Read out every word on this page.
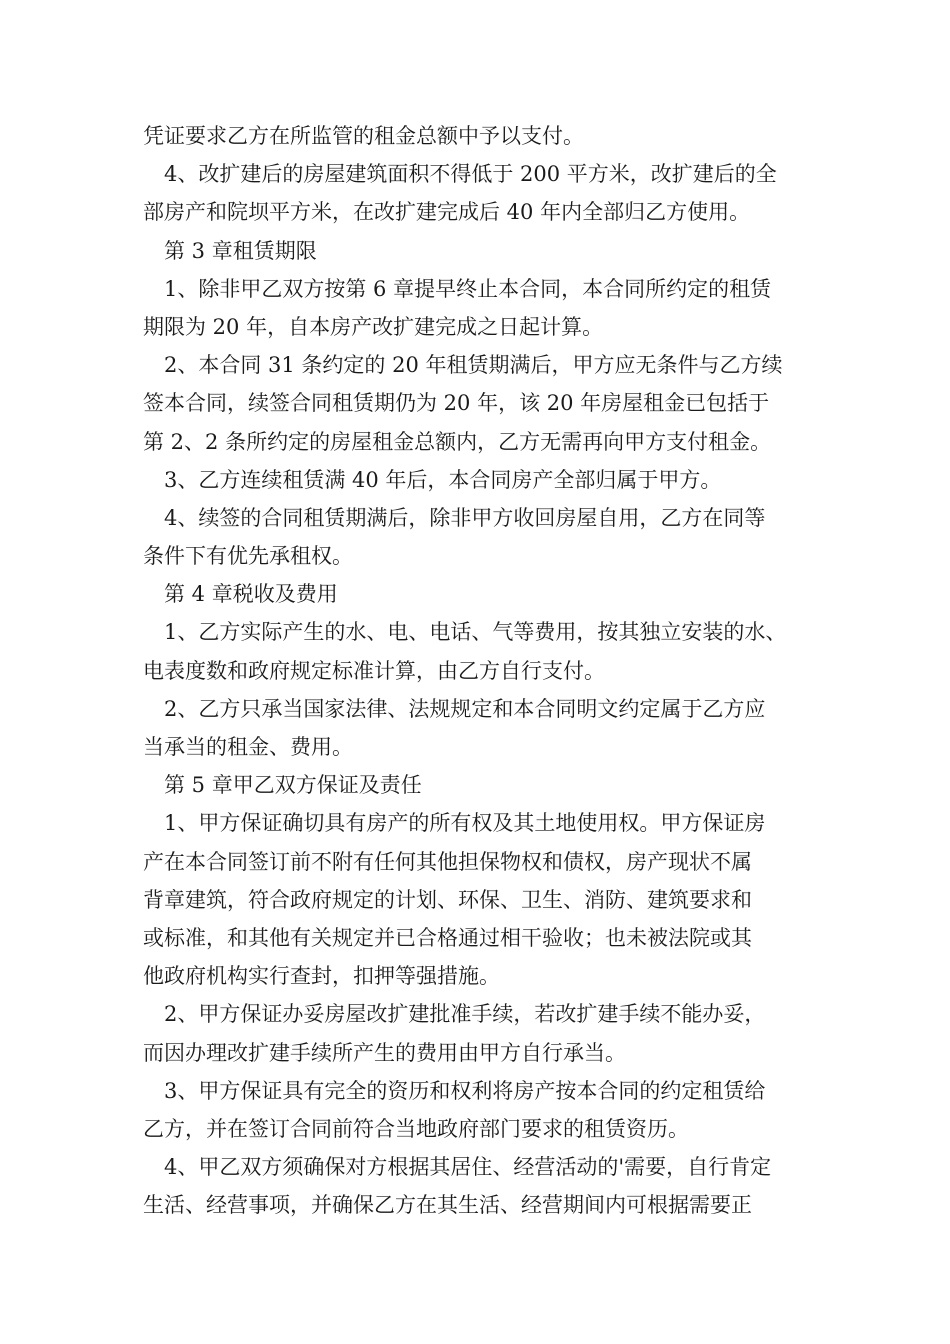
凭证要求乙方在所监管的租金总额中予以支付。
4、改扩建后的房屋建筑面积不得低于 200 平方米，改扩建后的全
部房产和院坝平方米，在改扩建完成后 40 年内全部归乙方使用。
第 3 章租赁期限
1、除非甲乙双方按第 6 章提早终止本合同，本合同所约定的租赁
期限为 20 年，自本房产改扩建完成之日起计算。
2、本合同 31 条约定的 20 年租赁期满后，甲方应无条件与乙方续
签本合同，续签合同租赁期仍为 20 年，该 20 年房屋租金已包括于
第 2、2 条所约定的房屋租金总额内，乙方无需再向甲方支付租金。
3、乙方连续租赁满 40 年后，本合同房产全部归属于甲方。
4、续签的合同租赁期满后，除非甲方收回房屋自用，乙方在同等
条件下有优先承租权。
第 4 章税收及费用
1、乙方实际产生的水、电、电话、气等费用，按其独立安装的水、
电表度数和政府规定标准计算，由乙方自行支付。
2、乙方只承当国家法律、法规规定和本合同明文约定属于乙方应
当承当的租金、费用。
第 5 章甲乙双方保证及责任
1、甲方保证确切具有房产的所有权及其土地使用权。甲方保证房
产在本合同签订前不附有任何其他担保物权和债权，房产现状不属
背章建筑，符合政府规定的计划、环保、卫生、消防、建筑要求和
或标准，和其他有关规定并已合格通过相干验收；也未被法院或其
他政府机构实行查封，扣押等强措施。
2、甲方保证办妥房屋改扩建批准手续，若改扩建手续不能办妥，
而因办理改扩建手续所产生的费用由甲方自行承当。
3、甲方保证具有完全的资历和权利将房产按本合同的约定租赁给
乙方，并在签订合同前符合当地政府部门要求的租赁资历。
4、甲乙双方须确保对方根据其居住、经营活动的'需要，自行肯定
生活、经营事项，并确保乙方在其生活、经营期间内可根据需要正
